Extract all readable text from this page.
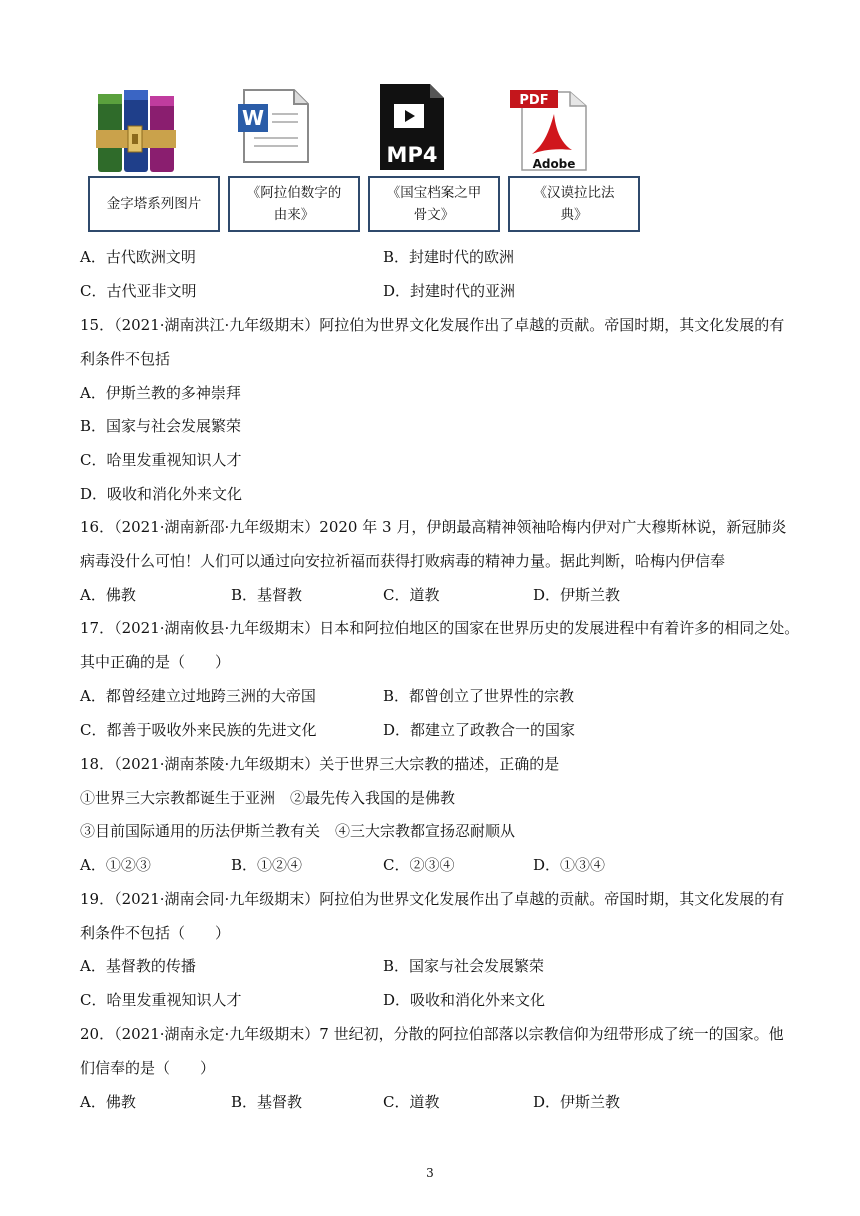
金字塔系列图片
W
《阿拉伯数字的由来》
MP4
《国宝档案之甲骨文》
PDF
Adobe
《汉谟拉比法典》
A．古代欧洲文明	B．封建时代的欧洲
C．古代亚非文明	D．封建时代的亚洲
15．（2021·湖南洪江·九年级期末）阿拉伯为世界文化发展作出了卓越的贡献。帝国时期，其文化发展的有
利条件不包括
A．伊斯兰教的多神崇拜
B．国家与社会发展繁荣
C．哈里发重视知识人才
D．吸收和消化外来文化
16．（2021·湖南新邵·九年级期末）2020 年 3 月，伊朗最高精神领袖哈梅内伊对广大穆斯林说，新冠肺炎
病毒没什么可怕！人们可以通过向安拉祈福而获得打败病毒的精神力量。据此判断，哈梅内伊信奉
A．佛教	B．基督教	C．道教	D．伊斯兰教
17．（2021·湖南攸县·九年级期末）日本和阿拉伯地区的国家在世界历史的发展进程中有着许多的相同之处。
其中正确的是（　　）
A．都曾经建立过地跨三洲的大帝国	B．都曾创立了世界性的宗教
C．都善于吸收外来民族的先进文化	D．都建立了政教合一的国家
18．（2021·湖南茶陵·九年级期末）关于世界三大宗教的描述，正确的是
①世界三大宗教都诞生于亚洲　②最先传入我国的是佛教
③目前国际通用的历法伊斯兰教有关　④三大宗教都宣扬忍耐顺从
A．①②③	B．①②④	C．②③④	D．①③④
19．（2021·湖南会同·九年级期末）阿拉伯为世界文化发展作出了卓越的贡献。帝国时期，其文化发展的有
利条件不包括（　　）
A．基督教的传播	B．国家与社会发展繁荣
C．哈里发重视知识人才	D．吸收和消化外来文化
20．（2021·湖南永定·九年级期末）7 世纪初，分散的阿拉伯部落以宗教信仰为纽带形成了统一的国家。他
们信奉的是（　　）
A．佛教	B．基督教	C．道教	D．伊斯兰教
3
